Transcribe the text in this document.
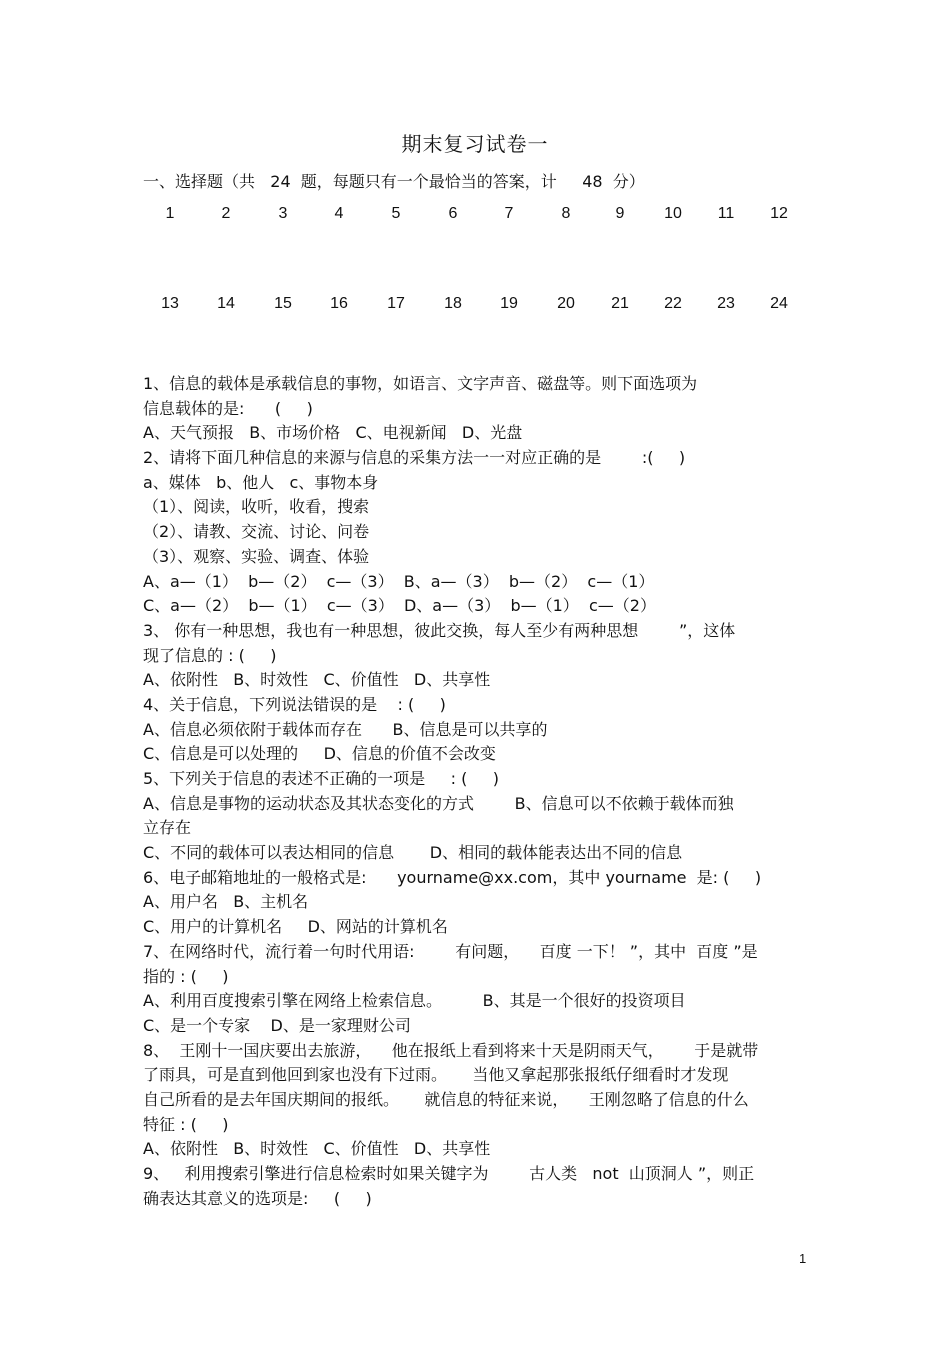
期末复习试卷一
一、选择题（共   24  题，每题只有一个最恰当的答案，计     48  分）
1	2	3	4	5	6	7	8	9 10 11 12
13 14 15 16 17 18 19 20 21 22 23 24
1、信息的载体是承载信息的事物，如语言、文字声音、磁盘等。则下面选项为
信息载体的是:      (     )
A、天气预报   B、市场价格   C、电视新闻   D、光盘
2、请将下面几种信息的来源与信息的采集方法一一对应正确的是        :(     )
a、媒体   b、他人   c、事物本身
（1）、阅读，收听，收看，搜索
（2）、请教、交流、讨论、问卷
（3）、观察、实验、调查、体验
A、a—（1）  b—（2）  c—（3）  B、a—（3）  b—（2）  c—（1）
C、a—（2）  b—（1）  c—（3）  D、a—（3）  b—（1）  c—（2）
3、 你有一种思想，我也有一种思想，彼此交换，每人至少有两种思想        ”，这体
现了信息的 : (     )
A、依附性   B、时效性   C、价值性   D、共享性
4、关于信息，下列说法错误的是    : (     )
A、信息必须依附于载体而存在      B、信息是可以共享的
C、信息是可以处理的     D、信息的价值不会改变
5、下列关于信息的表述不正确的一项是     : (     )
A、信息是事物的运动状态及其状态变化的方式        B、信息可以不依赖于载体而独
立存在
C、不同的载体可以表达相同的信息       D、相同的载体能表达出不同的信息
6、电子邮箱地址的一般格式是:      yourname@xx.com，其中 yourname  是: (     )
A、用户名   B、主机名
C、用户的计算机名     D、网站的计算机名
7、在网络时代，流行着一句时代用语:        有问题，    百度 一下！ ”，其中  百度 ”是
指的 : (     )
A、利用百度搜索引擎在网络上检索信息。        B、其是一个很好的投资项目
C、是一个专家    D、是一家理财公司
8、  王刚十一国庆要出去旅游，    他在报纸上看到将来十天是阴雨天气，      于是就带
了雨具，可是直到他回到家也没有下过雨。     当他又拿起那张报纸仔细看时才发现
自己所看的是去年国庆期间的报纸。     就信息的特征来说，    王刚忽略了信息的什么
特征 : (     )
A、依附性   B、时效性   C、价值性   D、共享性
9、   利用搜索引擎进行信息检索时如果关键字为        古人类   not  山顶洞人 ”，则正
确表达其意义的选项是:     (     )
1
